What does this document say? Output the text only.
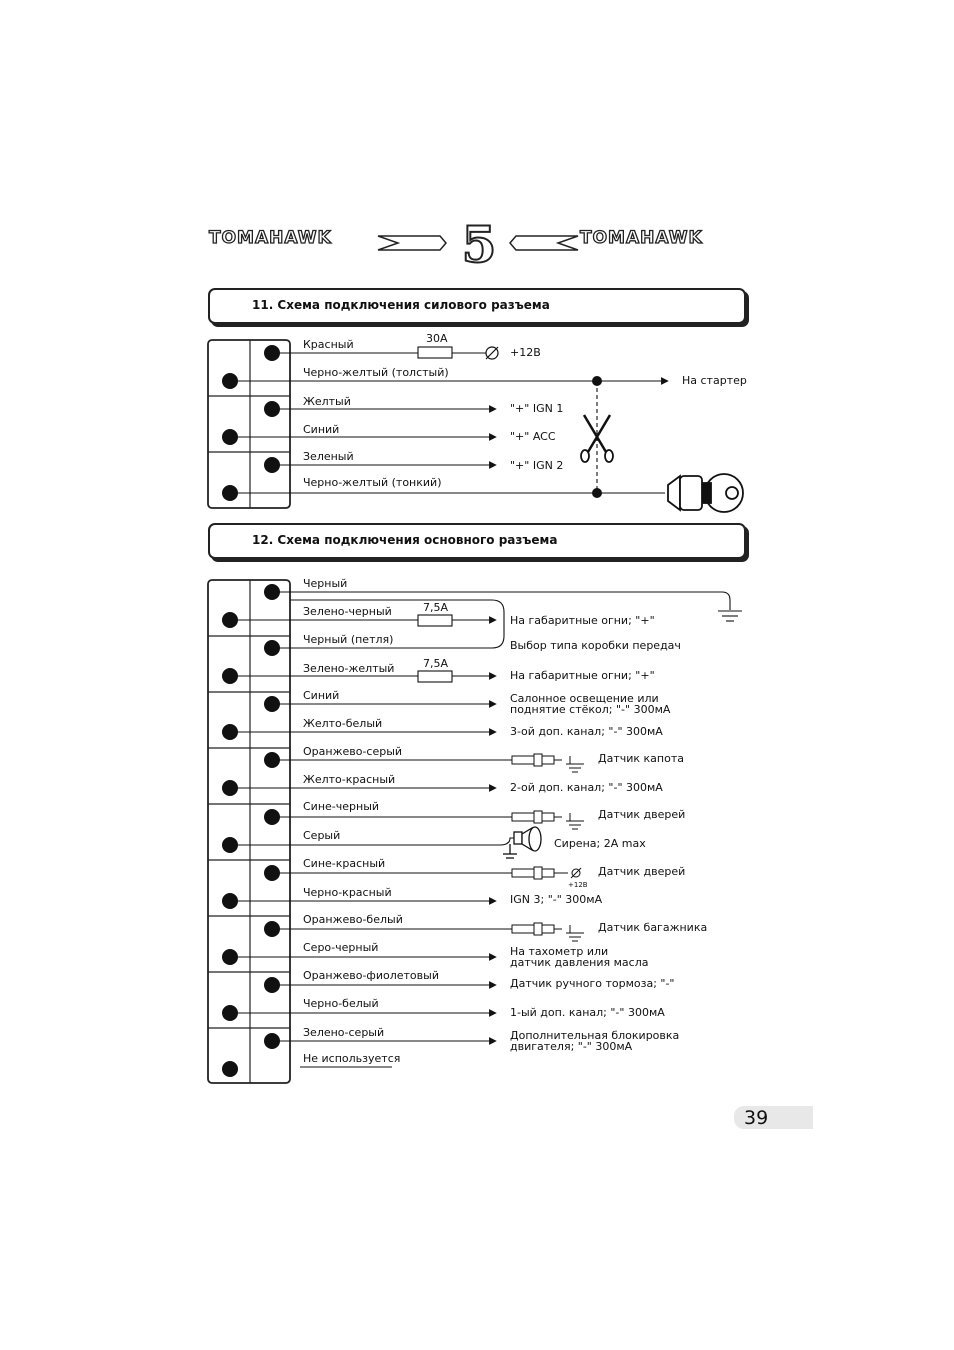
5
TOMAHAWK	TOMAHAWK
11. Схема подключения силового разъема
30A
Красный
Черно-желтый (толстый)
Желтый
Синий
Зеленый
Черно-желтый (тонкий)
+12В
На стартер
"+" IGN 1
"+" ACC
"+" IGN 2
12. Схема подключения основного разъема
7,5A
7,5A
Черный
Зелено-черный
Черный (петля)
Зелено-желтый
Синий
Желто-белый
Оранжево-серый
Желто-красный
Сине-черный
Серый
Сине-красный
Черно-красный
Оранжево-белый
Серо-черный
Оранжево-фиолетовый
Черно-белый
Зелено-серый
Не используется
На габаритные огни; "+"
Выбор типа коробки передач
На габаритные огни; "+"
Салонное освещение или
поднятие стёкол; "-" 300мА
3-ой доп. канал; "-" 300мА
Датчик капота
2-ой доп. канал; "-" 300мА
Датчик дверей
Сирена; 2A max
Датчик дверей
+12В
IGN 3; "-" 300мА
Датчик багажника
На тахометр или
датчик давления масла
Датчик ручного тормоза; "-"
1-ый доп. канал; "-" 300мА
Дополнительная блокировка
двигателя; "-" 300мА
39
